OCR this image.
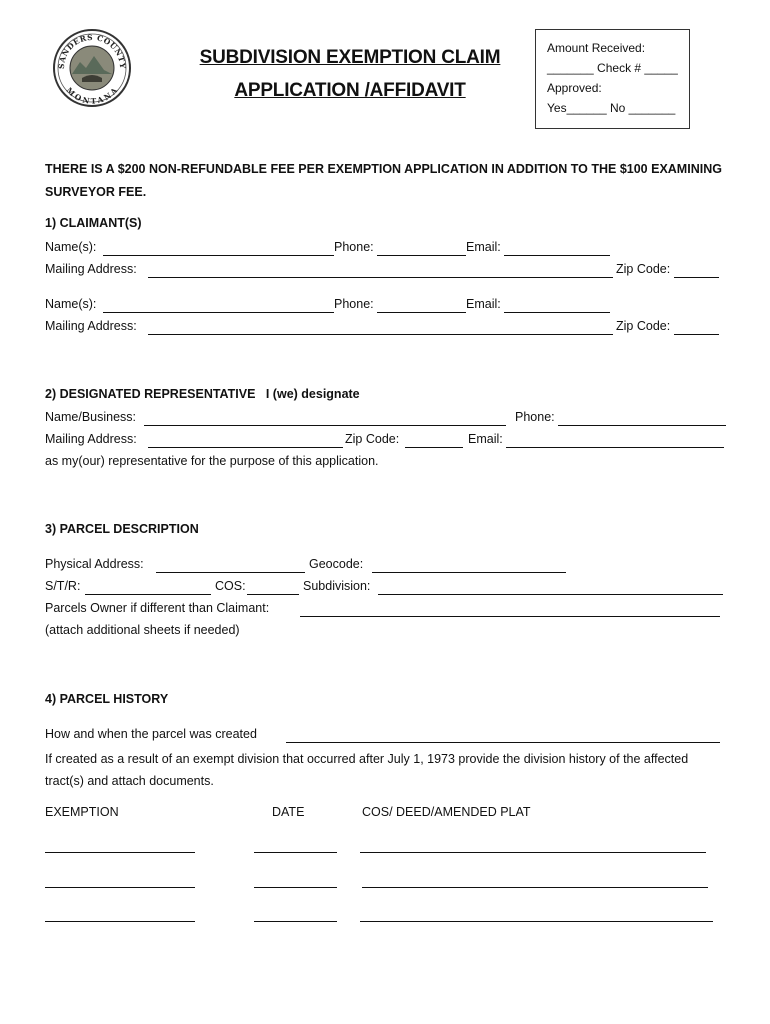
SANDERS COUNTY
MONTANA
SUBDIVISION EXEMPTION CLAIM
APPLICATION /AFFIDAVIT
Amount Received:
_______ Check # _____
Approved:
Yes______ No _______
THERE IS A $200 NON-REFUNDABLE FEE PER EXEMPTION APPLICATION IN ADDITION TO THE $100 EXAMINING SURVEYOR FEE.
1) CLAIMANT(S)
Name(s):	Phone:	Email:
Mailing Address:	Zip Code:
Name(s):	Phone:	Email:
Mailing Address:	Zip Code:
2) DESIGNATED REPRESENTATIVE   I (we) designate
Name/Business:	Phone:
Mailing Address:	Zip Code:	Email:
as my(our) representative for the purpose of this application.
3) PARCEL DESCRIPTION
Physical Address:	Geocode:
S/T/R:	COS:	Subdivision:
Parcels Owner if different than Claimant:
(attach additional sheets if needed)
4) PARCEL HISTORY
How and when the parcel was created
If created as a result of an exempt division that occurred after July 1, 1973 provide the division history of the affected tract(s) and attach documents.
EXEMPTION	DATE	COS/ DEED/AMENDED PLAT
